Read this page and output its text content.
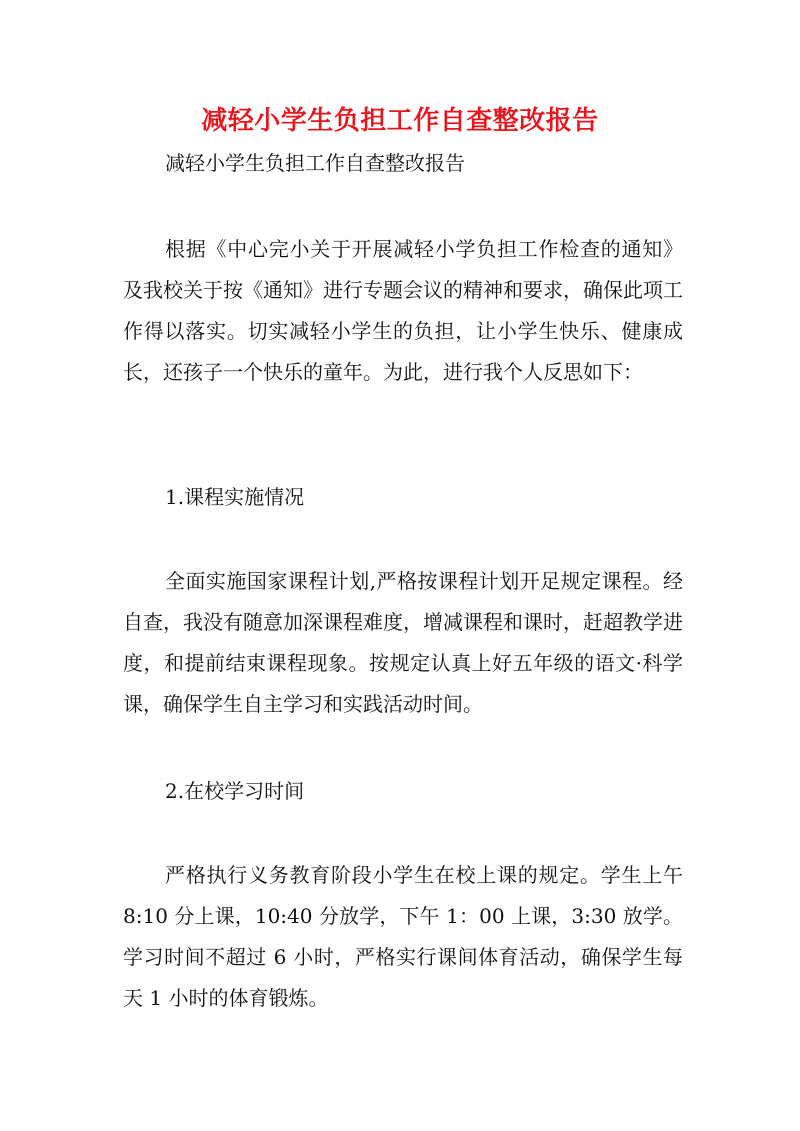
减轻小学生负担工作自查整改报告
减轻小学生负担工作自查整改报告
根据《中心完小关于开展减轻小学负担工作检查的通知》及我校关于按《通知》进行专题会议的精神和要求，确保此项工作得以落实。切实减轻小学生的负担，让小学生快乐、健康成长，还孩子一个快乐的童年。为此，进行我个人反思如下：
1.课程实施情况
全面实施国家课程计划,严格按课程计划开足规定课程。经自查，我没有随意加深课程难度，增减课程和课时，赶超教学进度，和提前结束课程现象。按规定认真上好五年级的语文·科学课，确保学生自主学习和实践活动时间。
2.在校学习时间
严格执行义务教育阶段小学生在校上课的规定。学生上午 8:10 分上课，10:40 分放学，下午 1：00 上课，3:30 放学。学习时间不超过 6 小时，严格实行课间体育活动，确保学生每天 1 小时的体育锻炼。
